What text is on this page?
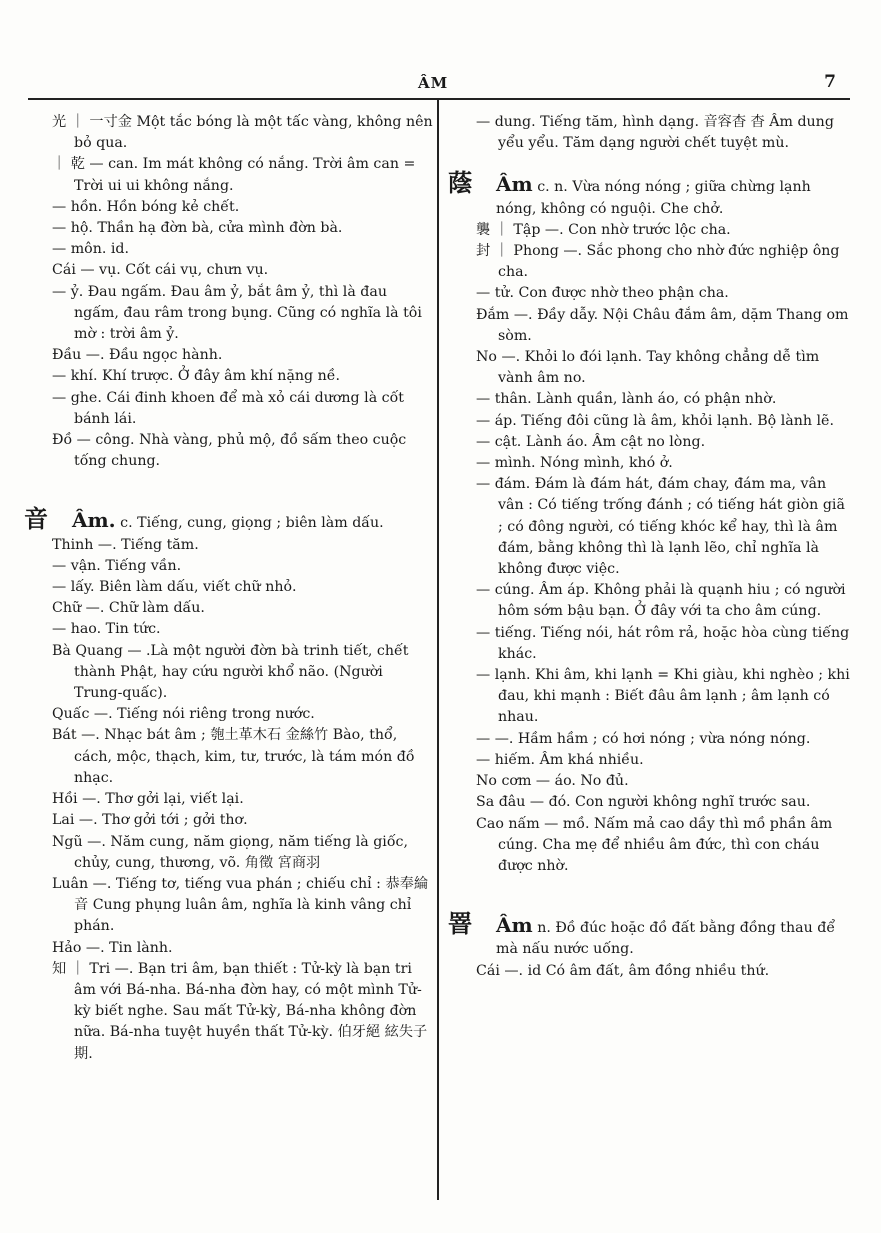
ÂM	7
光 ｜ 一寸金 Một tắc bóng là một tấc vàng, không nên bỏ qua.
｜ 乾 — can. Im mát không có nắng. Trời âm can = Trời ui ui không nắng.
— hồn. Hồn bóng kẻ chết.
— hộ. Thần hạ đờn bà, cửa mình đờn bà.
— môn. id.
Cái — vụ. Cốt cái vụ, chưn vụ.
— ỷ. Đau ngấm. Đau âm ỷ, bắt âm ỷ, thì là đau ngấm, đau râm trong bụng. Cũng có nghĩa là tôi mờ : trời âm ỷ.
Đầu —. Đầu ngọc hành.
— khí. Khí trược. Ở đây âm khí nặng nề.
— ghe. Cái đinh khoen để mà xỏ cái dương là cốt bánh lái.
Đồ — công. Nhà vàng, phủ mộ, đồ sấm theo cuộc tống chung.
音 Âm. c. Tiếng, cung, giọng ; biên làm dấu.
Thinh —. Tiếng tăm.
— vận. Tiếng vần.
— lấy. Biên làm dấu, viết chữ nhỏ.
Chữ —. Chữ làm dấu.
— hao. Tin tức.
Bà Quang — .Là một người đờn bà trinh tiết, chết thành Phật, hay cứu người khổ não. (Người Trung-quấc).
Quấc —. Tiếng nói riêng trong nước.
Bát —. Nhạc bát âm ; 匏土革木石 金絲竹 Bào, thổ, cách, mộc, thạch, kim, tư, trước, là tám món đồ nhạc.
Hồi —. Thơ gởi lại, viết lại.
Lai —. Thơ gởi tới ; gởi thơ.
Ngũ —. Năm cung, năm giọng, năm tiếng là giốc, chủy, cung, thương, võ. 角徵 宮商羽
Luân —. Tiếng tơ, tiếng vua phán ; chiếu chỉ : 恭奉綸音 Cung phụng luân âm, nghĩa là kinh vâng chỉ phán.
Hảo —. Tin lành.
知 ｜ Tri —. Bạn tri âm, bạn thiết : Tử-kỳ là bạn tri âm với Bá-nha. Bá-nha đờn hay, có một mình Tử-kỳ biết nghe. Sau mất Tử-kỳ, Bá-nha không đờn nữa. Bá-nha tuyệt huyền thất Tử-kỳ. 伯牙絕 絃失子期.
— dung. Tiếng tăm, hình dạng. 音容杳 杳 Âm dung yểu yểu. Tăm dạng người chết tuyệt mù.
蔭 Âm c. n. Vừa nóng nóng ; giữa chừng lạnh nóng, không có nguội. Che chở.
襲 ｜ Tập —. Con nhờ trước lộc cha.
封 ｜ Phong —. Sắc phong cho nhờ đức nghiệp ông cha.
— tử. Con được nhờ theo phận cha.
Đắm —. Đầy dẫy. Nội Châu đắm âm, dặm Thang om sòm.
No —. Khỏi lo đói lạnh. Tay không chẳng dễ tìm vành âm no.
— thân. Lành quần, lành áo, có phận nhờ.
— áp. Tiếng đôi cũng là âm, khỏi lạnh. Bộ lành lẽ.
— cật. Lành áo. Âm cật no lòng.
— mình. Nóng mình, khó ở.
— đám. Đám là đám hát, đám chay, đám ma, vân vân : Có tiếng trống đánh ; có tiếng hát giòn giã ; có đông người, có tiếng khóc kể hay, thì là âm đám, bằng không thì là lạnh lẽo, chỉ nghĩa là không được việc.
— cúng. Âm áp. Không phải là quạnh hiu ; có người hôm sớm bậu bạn. Ở đây với ta cho âm cúng.
— tiếng. Tiếng nói, hát rôm rả, hoặc hòa cùng tiếng khác.
— lạnh. Khi âm, khi lạnh = Khi giàu, khi nghèo ; khi đau, khi mạnh : Biết đâu âm lạnh ; âm lạnh có nhau.
— —. Hầm hầm ; có hơi nóng ; vừa nóng nóng.
— hiếm. Âm khá nhiều.
No cơm — áo. No đủ.
Sa đâu — đó. Con người không nghĩ trước sau.
Cao nấm — mồ. Nấm mả cao dầy thì mồ phần âm cúng. Cha mẹ để nhiều âm đức, thì con cháu được nhờ.
罯 Âm n. Đồ đúc hoặc đồ đất bằng đồng thau để mà nấu nước uống.
Cái —. id Có âm đất, âm đồng nhiều thứ.
